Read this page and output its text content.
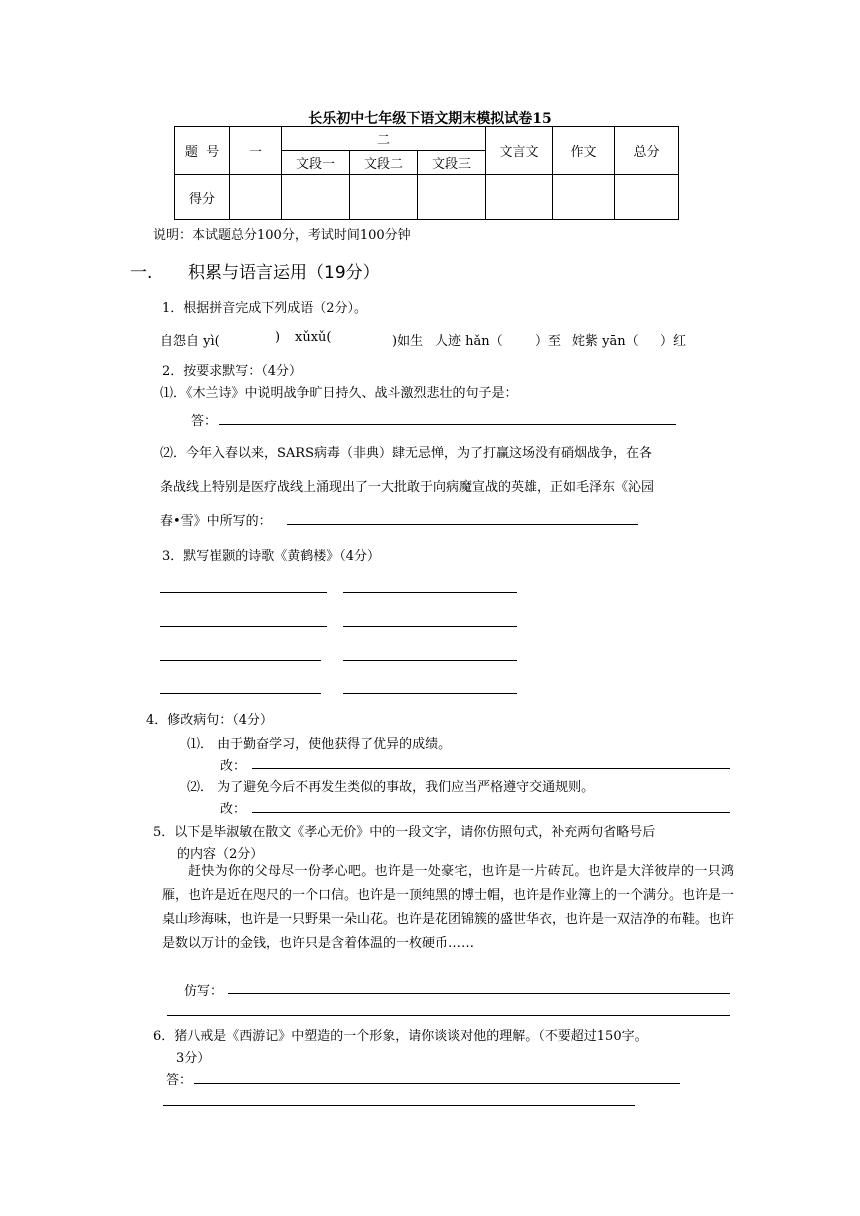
长乐初中七年级下语文期末模拟试卷15
题  号	一	二			文言文	作文	总分
		文段一	文段二	文段三			
得分							
说明：本试题总分100分，考试时间100分钟
一. 积累与语言运用（19分）
1．根据拼音完成下列成语（2分）。
自怨自 yì(	) xǔxǔ(	)如生 人迹 hǎn（ ）至 姹紫 yān（ ）红
2．按要求默写：（4分）
⑴．《木兰诗》中说明战争旷日持久、战斗激烈悲壮的句子是：
答：
⑵．今年入春以来，SARS病毒（非典）肆无忌惮，为了打赢这场没有硝烟战争，在各
条战线上特别是医疗战线上涌现出了一大批敢于向病魔宣战的英雄，正如毛泽东《沁园
春•雪》中所写的：
3．默写崔颢的诗歌《黄鹤楼》（4分）
4．修改病句：（4分）
⑴． 由于勤奋学习，使他获得了优异的成绩。
改：
⑵． 为了避免今后不再发生类似的事故，我们应当严格遵守交通规则。
改：
5．以下是毕淑敏在散文《孝心无价》中的一段文字，请你仿照句式，补充两句省略号后
的内容（2分）
赶快为你的父母尽一份孝心吧。也许是一处豪宅，也许是一片砖瓦。也许是大洋彼岸的一只鸿雁，也许是近在咫尺的一个口信。也许是一顶纯黑的博士帽，也许是作业簿上的一个满分。也许是一桌山珍海味，也许是一只野果一朵山花。也许是花团锦簇的盛世华衣，也许是一双洁净的布鞋。也许是数以万计的金钱，也许只是含着体温的一枚硬币……
仿写：
6．猪八戒是《西游记》中塑造的一个形象，请你谈谈对他的理解。（不要超过150字。
3分）
答：
